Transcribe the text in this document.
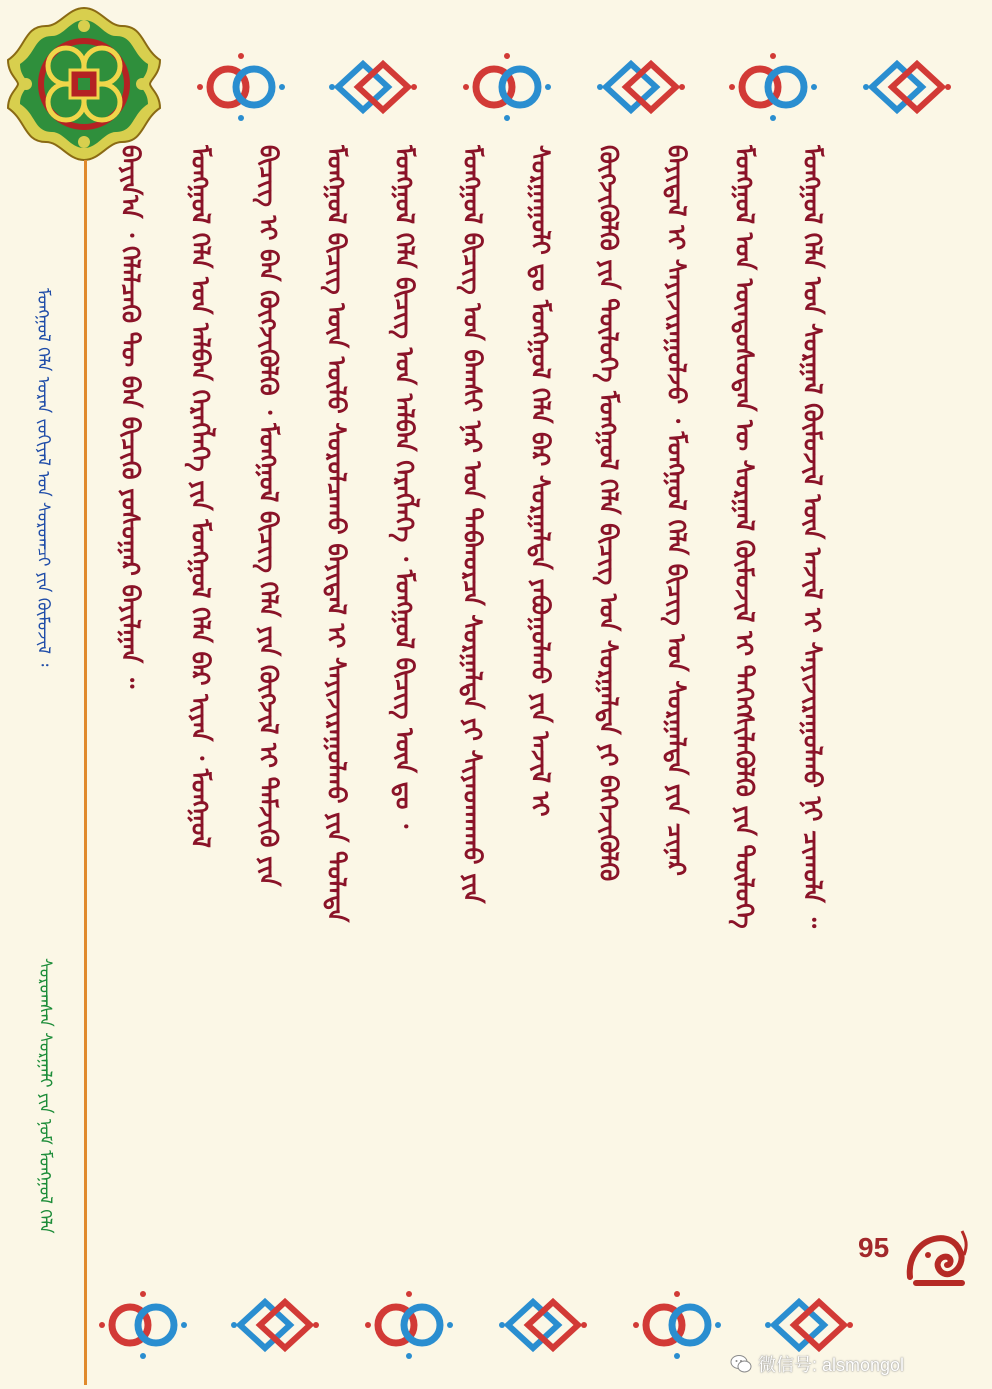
ᠮᠣᠩᠭᠣᠯ ᠬᠡᠯᠡ ᠤᠷᠠᠨ ᠵᠣᠬᠢᠶᠠᠯ ᠤᠨ ᠰᠤᠷᠤᠭᠴᠢ ᠶᠢᠨ ᠬᠥᠮᠦᠵᠢᠯ ᠄
ᠰᠤᠷᠤᠭᠰᠠᠨ ᠰᠤᠷᠭᠠᠯᠢ ᠶᠢᠨ ᠨᠣᠮ ᠮᠣᠩᠭᠣᠯ ᠬᠡᠯᠡ
ᠪᠠᠶᠢᠨ᠎ᠠ ᠂ ᠬᠡᠯᠡᠯᠴᠡᠬᠦ ᠲᠦ ᠪᠠᠨ ᠪᠢᠴᠢᠬᠦ ᠶᠤᠰᠤᠭᠠᠷ ᠪᠠᠶᠢᠯᠭᠠᠨ ᠃ ᠮᠣᠩᠭᠣᠯ ᠬᠡᠯᠡ ᠤᠨ ᠠᠯᠪᠠᠨ ᠬᠡᠷᠡᠭᠯᠡᠭᠡ ᠶᠢᠨ ᠮᠣᠩᠭᠣᠯ ᠬᠡᠯᠡ ᠪᠡᠷ ᠢᠶᠡᠨ ᠂ ᠮᠣᠩᠭᠣᠯ ᠪᠢᠴᠢᠭ ᠢ ᠪᠠᠨ ᠬᠥᠭᠵᠢᠭᠦᠯᠬᠦ ᠂ ᠮᠣᠩᠭᠣᠯ ᠪᠢᠴᠢᠭ ᠬᠡᠯᠡ ᠶᠢᠨ ᠬᠥᠭᠵᠢᠯ ᠢ ᠳᠡᠮᠵᠢᠬᠦ ᠶᠢᠨ ᠮᠣᠩᠭᠣᠯ ᠪᠢᠴᠢᠭ ᠦᠨ ᠦᠯᠦ ᠰᠤᠷᠤᠯᠴᠠᠬᠤ ᠪᠠᠶᠢᠳᠠᠯ ᠢ ᠰᠠᠶᠢᠵᠢᠷᠠᠭᠤᠯᠬᠤ ᠶᠢᠨ ᠲᠤᠯᠠᠳᠠ ᠮᠣᠩᠭᠣᠯ ᠬᠡᠯᠡ ᠪᠢᠴᠢᠭ ᠤᠨ ᠠᠯᠪᠠᠨ ᠬᠡᠷᠡᠭᠯᠡᠭᠡ ᠂ ᠮᠣᠩᠭᠣᠯ ᠪᠢᠴᠢᠭ ᠦᠨ ᠳᠤ ᠂ ᠮᠣᠩᠭᠣᠯ ᠪᠢᠴᠢᠭ ᠤᠨ ᠪᠠᠭᠰᠢ ᠨᠠᠷ ᠤᠨ ᠳᠠᠪᠬᠤᠷᠴᠠ ᠰᠤᠷᠭᠠᠯᠲᠠ ᠶᠢ ᠰᠢᠶᠠᠳᠬᠠᠬᠤ ᠶᠢᠨ ᠰᠤᠷᠭᠠᠭᠤᠯᠢ ᠳᠤ ᠮᠣᠩᠭᠣᠯ ᠬᠡᠯᠡ ᠪᠡᠷ ᠰᠤᠷᠭᠠᠯᠲᠠ ᠶᠠᠪᠤᠭᠤᠯᠬᠤ ᠶᠢᠨ ᠠᠵᠢᠯ ᠢ ᠬᠥᠭᠵᠢᠭᠦᠯᠬᠦ ᠶᠢᠨ ᠲᠥᠯᠦᠭᠡ ᠮᠣᠩᠭᠣᠯ ᠬᠡᠯᠡ ᠪᠢᠴᠢᠭ ᠤᠨ ᠰᠤᠷᠭᠠᠯᠲᠠ ᠶᠢ ᠪᠡᠬᠡᠵᠢᠭᠦᠯᠬᠦ ᠪᠠᠶᠢᠳᠠᠯ ᠢ ᠰᠠᠶᠢᠵᠢᠷᠠᠭᠤᠯᠵᠤ ᠂ ᠮᠣᠩᠭᠣᠯ ᠬᠡᠯᠡ ᠪᠢᠴᠢᠭ ᠤᠨ ᠰᠤᠷᠭᠠᠯᠲᠠ ᠶᠢᠨ ᠴᠢᠨᠠᠷ ᠮᠣᠩᠭᠣᠯ ᠤᠨ ᠦᠨᠳᠦᠰᠦᠲᠡᠨ ᠦ ᠰᠤᠷᠭᠠᠯ ᠬᠦᠮᠦᠵᠢᠯ ᠢ ᠳᠡᠭᠡᠭᠰᠢᠯᠡᠭᠦᠯᠬᠦ ᠶᠢᠨ ᠲᠥᠯᠦᠭᠡ ᠮᠣᠩᠭᠣᠯ ᠬᠡᠯᠡ ᠤᠨ ᠰᠤᠷᠭᠠᠯ ᠬᠦᠮᠦᠵᠢᠯ ᠦᠨ ᠠᠵᠢᠯ ᠢ ᠰᠠᠶᠢᠵᠢᠷᠠᠭᠤᠯᠬᠤ ᠨᠢ ᠴᠢᠬᠤᠯᠠ ᠃
95
微信号: alsmongol
